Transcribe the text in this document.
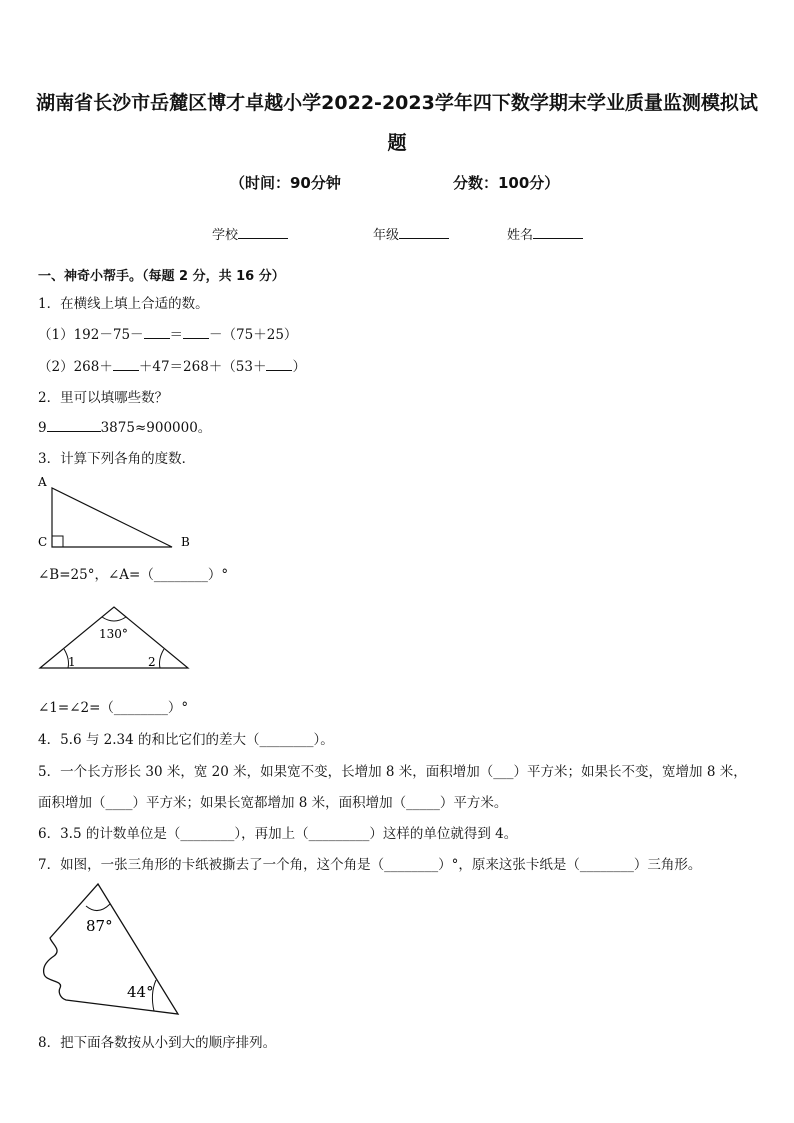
湖南省长沙市岳麓区博才卓越小学2022-2023学年四下数学期末学业质量监测模拟试
题
（时间：90分钟	分数：100分）
学校	年级	姓名
一、神奇小帮手。（每题 2 分，共 16 分）
1．在横线上填上合适的数。
（1）192－75－ ＝ －（75＋25）
（2）268＋ ＋47＝268＋（53＋ ）
2．里可以填哪些数？
9	3875≈900000。
3．计算下列各角的度数．
A
C	B
∠B=25°，∠A=（________）°
130°
1	2
∠1=∠2=（________）°
4．5.6 与 2.34 的和比它们的差大（________）。
5．一个长方形长 30 米，宽 20 米，如果宽不变，长增加 8 米，面积增加（___）平方米；如果长不变，宽增加 8 米，
面积增加（____）平方米；如果长宽都增加 8 米，面积增加（_____）平方米。
6．3.5 的计数单位是（________），再加上（_________）这样的单位就得到 4。
7．如图，一张三角形的卡纸被撕去了一个角，这个角是（________）°，原来这张卡纸是（________）三角形。
87°
44°
8．把下面各数按从小到大的顺序排列。
